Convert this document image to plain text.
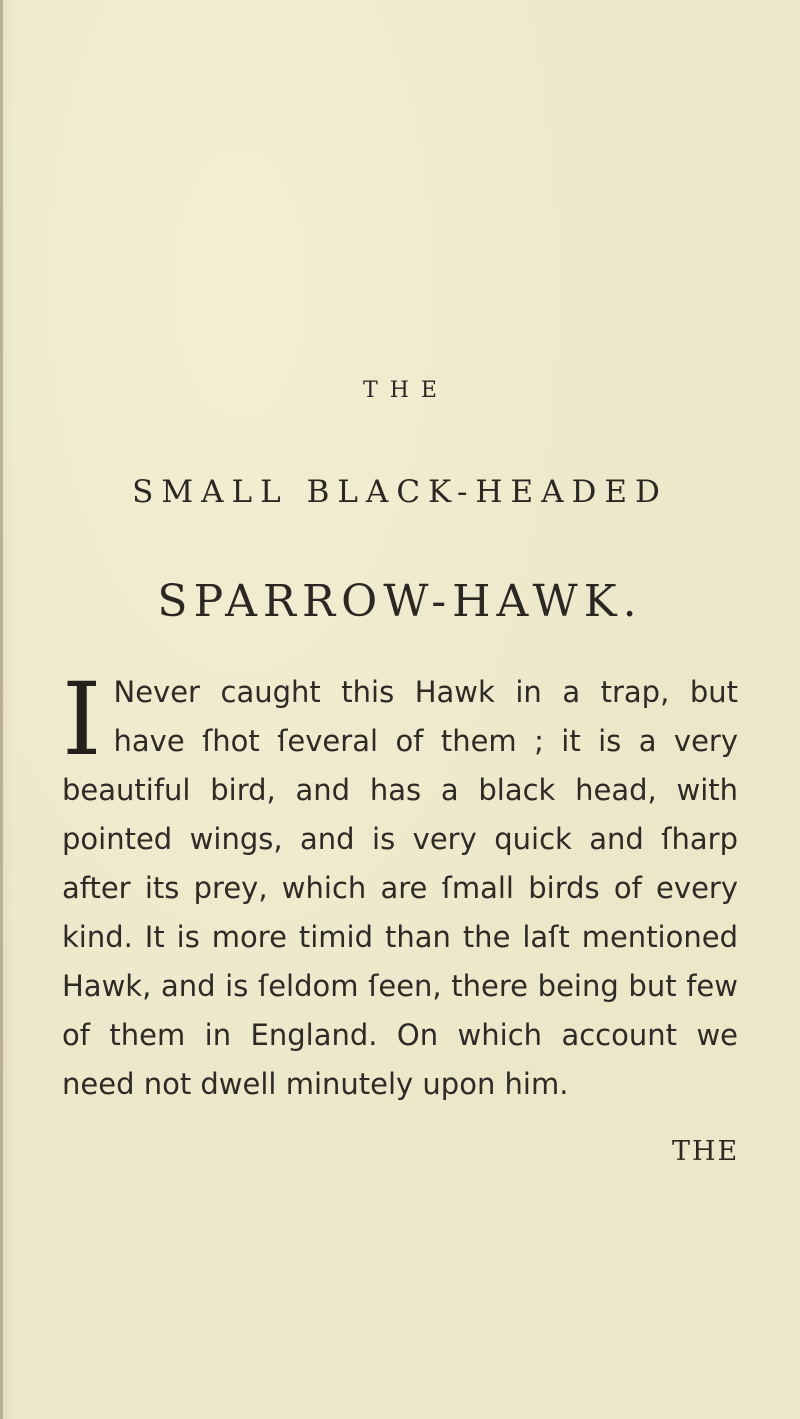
THE
SMALL BLACK-HEADED
SPARROW-HAWK.
I Never caught this Hawk in a trap, but have ſhot ſeveral of them ; it is a very beautiful bird, and has a black head, with pointed wings, and is very quick and ſharp after its prey, which are ſmall birds of every kind. It is more timid than the laſt mentioned Hawk, and is ſeldom ſeen, there being but few of them in England. On which account we need not dwell minutely upon him.
THE
